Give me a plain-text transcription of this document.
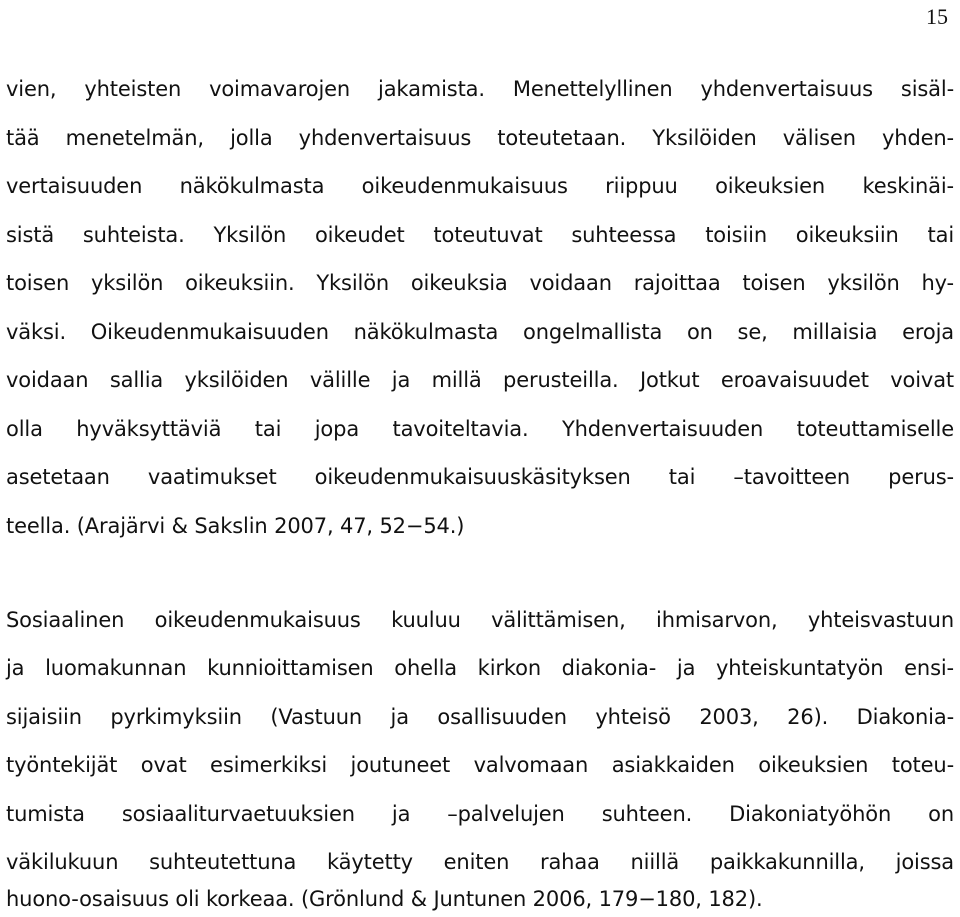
15
vien, yhteisten voimavarojen jakamista. Menettelyllinen yhdenvertaisuus sisäl-
tää menetelmän, jolla yhdenvertaisuus toteutetaan. Yksilöiden välisen yhden-
vertaisuuden näkökulmasta oikeudenmukaisuus riippuu oikeuksien keskinäi-
sistä suhteista. Yksilön oikeudet toteutuvat suhteessa toisiin oikeuksiin tai
toisen yksilön oikeuksiin. Yksilön oikeuksia voidaan rajoittaa toisen yksilön hy-
väksi. Oikeudenmukaisuuden näkökulmasta ongelmallista on se, millaisia eroja
voidaan sallia yksilöiden välille ja millä perusteilla. Jotkut eroavaisuudet voivat
olla hyväksyttäviä tai jopa tavoiteltavia. Yhdenvertaisuuden toteuttamiselle
asetetaan vaatimukset oikeudenmukaisuuskäsityksen tai –tavoitteen perus-
teella. (Arajärvi & Sakslin 2007, 47, 52−54.)
Sosiaalinen oikeudenmukaisuus kuuluu välittämisen, ihmisarvon, yhteisvastuun
ja luomakunnan kunnioittamisen ohella kirkon diakonia- ja yhteiskuntatyön ensi-
sijaisiin pyrkimyksiin (Vastuun ja osallisuuden yhteisö 2003, 26). Diakonia-
työntekijät ovat esimerkiksi joutuneet valvomaan asiakkaiden oikeuksien toteu-
tumista sosiaaliturvaetuuksien ja –palvelujen suhteen. Diakoniatyöhön on
väkilukuun suhteutettuna käytetty eniten rahaa niillä paikkakunnilla, joissa
huono-osaisuus oli korkeaa. (Grönlund & Juntunen 2006, 179−180, 182).
